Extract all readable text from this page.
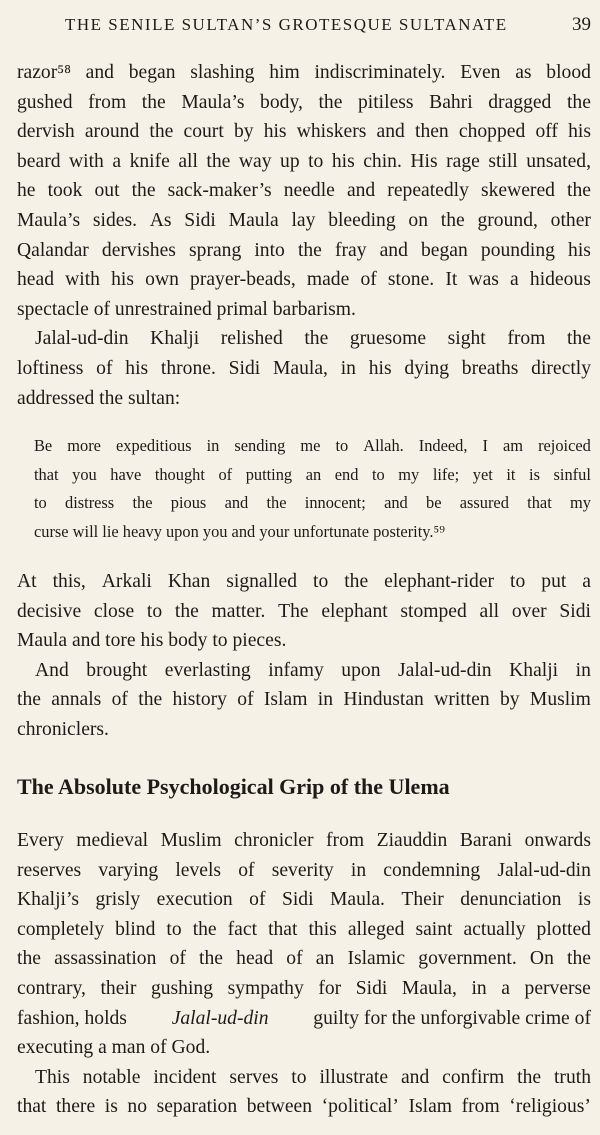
THE SENILE SULTAN’S GROTESQUE SULTANATE	39
razor⁵⁸ and began slashing him indiscriminately. Even as blood
gushed from the Maula’s body, the pitiless Bahri dragged the
dervish around the court by his whiskers and then chopped off his
beard with a knife all the way up to his chin. His rage still unsated,
he took out the sack-maker’s needle and repeatedly skewered the
Maula’s sides. As Sidi Maula lay bleeding on the ground, other
Qalandar dervishes sprang into the fray and began pounding his
head with his own prayer-beads, made of stone. It was a hideous
spectacle of unrestrained primal barbarism.
Jalal-ud-din Khalji relished the gruesome sight from the
loftiness of his throne. Sidi Maula, in his dying breaths directly
addressed the sultan:
Be more expeditious in sending me to Allah. Indeed, I am rejoiced
that you have thought of putting an end to my life; yet it is sinful
to distress the pious and the innocent; and be assured that my
curse will lie heavy upon you and your unfortunate posterity.⁵⁹
At this, Arkali Khan signalled to the elephant-rider to put a
decisive close to the matter. The elephant stomped all over Sidi
Maula and tore his body to pieces.
And brought everlasting infamy upon Jalal-ud-din Khalji in
the annals of the history of Islam in Hindustan written by Muslim
chroniclers.
The Absolute Psychological Grip of the Ulema
Every medieval Muslim chronicler from Ziauddin Barani onwards
reserves varying levels of severity in condemning Jalal-ud-din
Khalji’s grisly execution of Sidi Maula. Their denunciation is
completely blind to the fact that this alleged saint actually plotted
the assassination of the head of an Islamic government. On the
contrary, their gushing sympathy for Sidi Maula, in a perverse
fashion, holds Jalal-ud-din guilty for the unforgivable crime of
executing a man of God.
This notable incident serves to illustrate and confirm the truth
that there is no separation between ‘political’ Islam from ‘religious’
